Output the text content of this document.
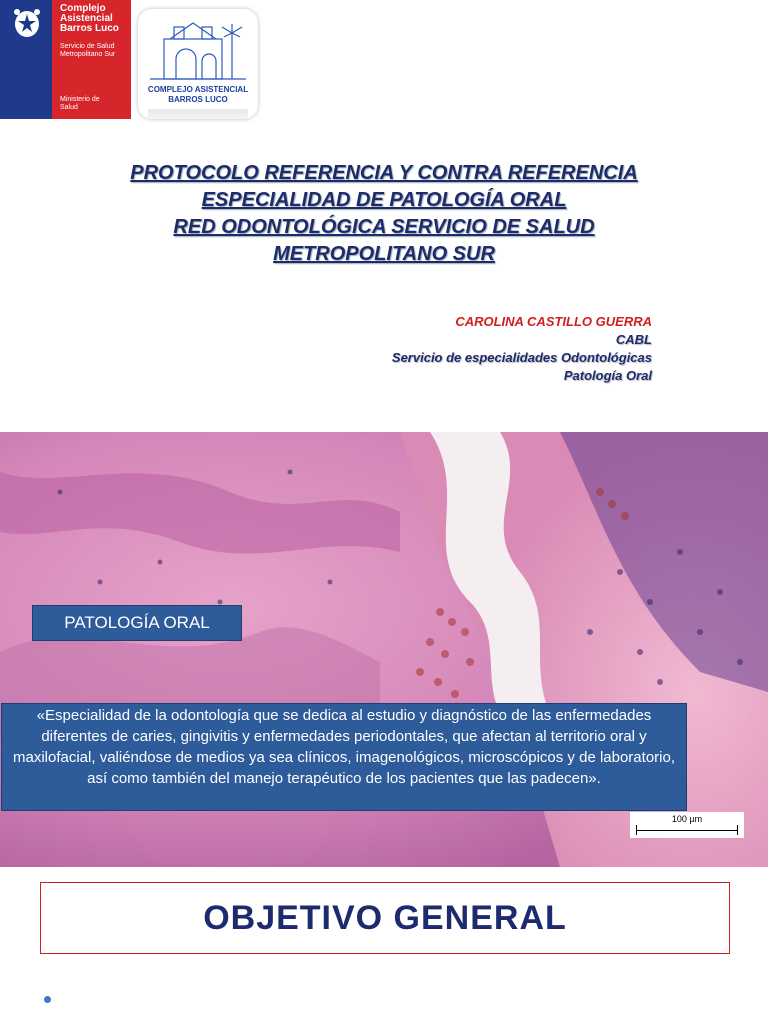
Complejo
Asistencial
Barros Luco
Servicio de Salud
Metropolitano Sur
Ministerio de
Salud
COMPLEJO ASISTENCIAL
BARROS LUCO
PROTOCOLO REFERENCIA Y CONTRA REFERENCIA
ESPECIALIDAD DE PATOLOGÍA ORAL
RED ODONTOLÓGICA SERVICIO DE SALUD
METROPOLITANO SUR
CAROLINA CASTILLO GUERRA
CABL
Servicio de especialidades Odontológicas
Patología Oral
PATOLOGÍA ORAL
«Especialidad de la odontología que se dedica al estudio y diagnóstico de las enfermedades diferentes de caries, gingivitis y enfermedades periodontales, que afectan al territorio oral y maxilofacial, valiéndose de medios ya sea clínicos, imagenológicos, microscópicos y de laboratorio, así como también del manejo terapéutico de los pacientes que las padecen».
100 µm
OBJETIVO GENERAL
